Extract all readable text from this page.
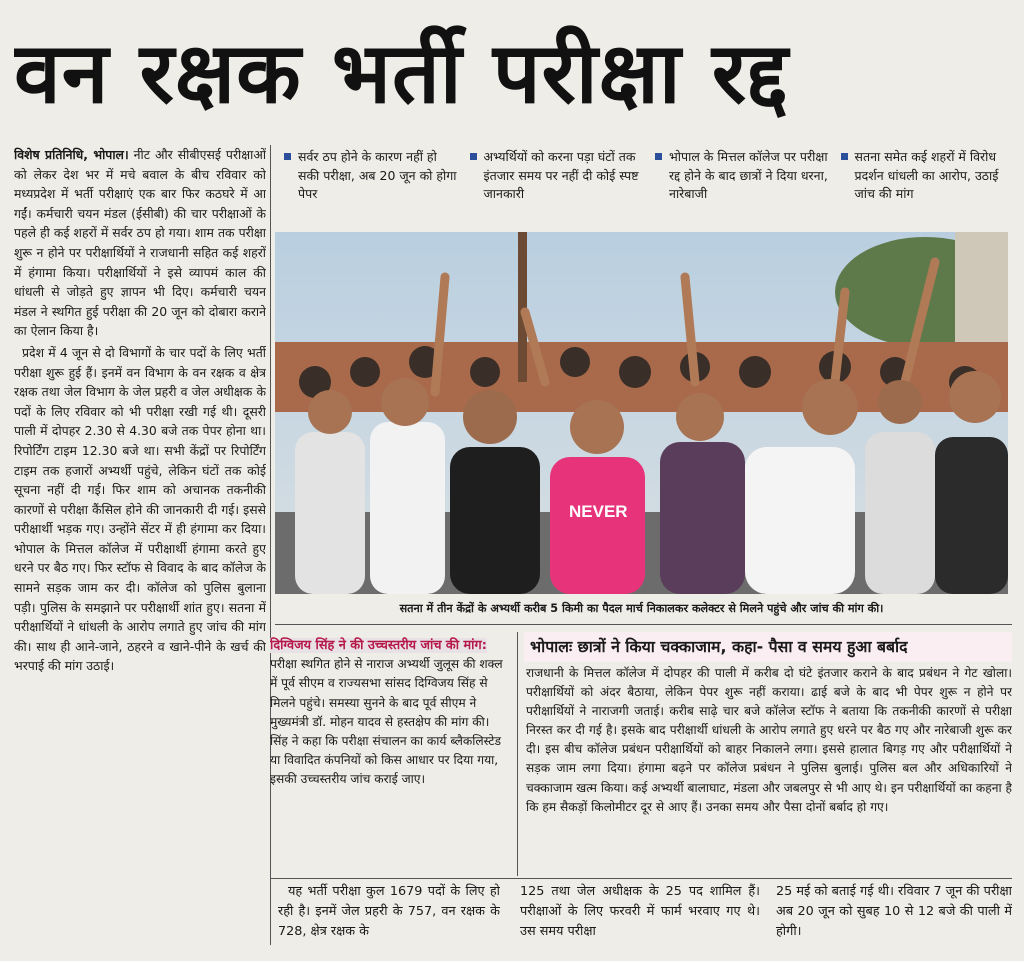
वन रक्षक भर्ती परीक्षा रद्द

विशेष प्रतिनिधि, भोपाल। नीट और सीबीएसई परीक्षाओं को लेकर देश भर में मचे बवाल के बीच रविवार को मध्यप्रदेश में भर्ती परीक्षाएं एक बार फिर कठघरे में आ गईं। कर्मचारी चयन मंडल (ईसीबी) की चार परीक्षाओं के पहले ही कई शहरों में सर्वर ठप हो गया। शाम तक परीक्षा शुरू न होने पर परीक्षार्थियों ने राजधानी सहित कई शहरों में हंगामा किया। परीक्षार्थियों ने इसे व्यापमं काल की धांधली से जोड़ते हुए ज्ञापन भी दिए। कर्मचारी चयन मंडल ने स्थगित हुई परीक्षा की 20 जून को दोबारा कराने का ऐलान किया है।

प्रदेश में 4 जून से दो विभागों के चार पदों के लिए भर्ती परीक्षा शुरू हुई हैं। इनमें वन विभाग के वन रक्षक व क्षेत्र रक्षक तथा जेल विभाग के जेल प्रहरी व जेल अधीक्षक के पदों के लिए रविवार को भी परीक्षा रखी गई थी। दूसरी पाली में दोपहर 2.30 से 4.30 बजे तक पेपर होना था। रिपोर्टिंग टाइम 12.30 बजे था। सभी केंद्रों पर रिपोर्टिंग टाइम तक हजारों अभ्यर्थी पहुंचे, लेकिन घंटों तक कोई सूचना नहीं दी गई। फिर शाम को अचानक तकनीकी कारणों से परीक्षा कैंसिल होने की जानकारी दी गई। इससे परीक्षार्थी भड़क गए। उन्होंने सेंटर में ही हंगामा कर दिया। भोपाल के मित्तल कॉलेज में परीक्षार्थी हंगामा करते हुए धरने पर बैठ गए। फिर स्टॉफ से विवाद के बाद कॉलेज के सामने सड़क जाम कर दी। कॉलेज को पुलिस बुलाना पड़ी। पुलिस के समझाने पर परीक्षार्थी शांत हुए। सतना में परीक्षार्थियों ने धांधली के आरोप लगाते हुए जांच की मांग की। साथ ही आने-जाने, ठहरने व खाने-पीने के खर्च की भरपाई की मांग उठाई।

सर्वर ठप होने के कारण नहीं हो सकी परीक्षा, अब 20 जून को होगा पेपर
अभ्यर्थियों को करना पड़ा घंटों तक इंतजार समय पर नहीं दी कोई स्पष्ट जानकारी
भोपाल के मित्तल कॉलेज पर परीक्षा रद्द होने के बाद छात्रों ने दिया धरना, नारेबाजी
सतना समेत कई शहरों में विरोध प्रदर्शन धांधली का आरोप, उठाई जांच की मांग
NEVER
सतना में तीन केंद्रों के अभ्यर्थी करीब 5 किमी का पैदल मार्च निकालकर कलेक्टर से मिलने पहुंचे और जांच की मांग की।
दिग्विजय सिंह ने की उच्चस्तरीय जांच की मांग: परीक्षा स्थगित होने से नाराज अभ्यर्थी जुलूस की शक्ल में पूर्व सीएम व राज्यसभा सांसद दिग्विजय सिंह से मिलने पहुंचे। समस्या सुनने के बाद पूर्व सीएम ने मुख्यमंत्री डॉ. मोहन यादव से हस्तक्षेप की मांग की। सिंह ने कहा कि परीक्षा संचालन का कार्य ब्लैकलिस्टेड या विवादित कंपनियों को किस आधार पर दिया गया, इसकी उच्चस्तरीय जांच कराई जाए।
भोपालः छात्रों ने किया चक्काजाम, कहा- पैसा व समय हुआ बर्बाद
राजधानी के मित्तल कॉलेज में दोपहर की पाली में करीब दो घंटे इंतजार कराने के बाद प्रबंधन ने गेट खोला। परीक्षार्थियों को अंदर बैठाया, लेकिन पेपर शुरू नहीं कराया। ढाई बजे के बाद भी पेपर शुरू न होने पर परीक्षार्थियों ने नाराजगी जताई। करीब साढ़े चार बजे कॉलेज स्टॉफ ने बताया कि तकनीकी कारणों से परीक्षा निरस्त कर दी गई है। इसके बाद परीक्षार्थी धांधली के आरोप लगाते हुए धरने पर बैठ गए और नारेबाजी शुरू कर दी। इस बीच कॉलेज प्रबंधन परीक्षार्थियों को बाहर निकालने लगा। इससे हालात बिगड़ गए और परीक्षार्थियों ने सड़क जाम लगा दिया। हंगामा बढ़ने पर कॉलेज प्रबंधन ने पुलिस बुलाई। पुलिस बल और अधिकारियों ने चक्काजाम खत्म किया। कई अभ्यर्थी बालाघाट, मंडला और जबलपुर से भी आए थे। इन परीक्षार्थियों का कहना है कि हम सैकड़ों किलोमीटर दूर से आए हैं। उनका समय और पैसा दोनों बर्बाद हो गए।
यह भर्ती परीक्षा कुल 1679 पदों के लिए हो रही है। इनमें जेल प्रहरी के 757, वन रक्षक के 728, क्षेत्र रक्षक के
125 तथा जेल अधीक्षक के 25 पद शामिल हैं। परीक्षाओं के लिए फरवरी में फार्म भरवाए गए थे। उस समय परीक्षा
25 मई को बताई गई थी। रविवार 7 जून की परीक्षा अब 20 जून को सुबह 10 से 12 बजे की पाली में होगी।
